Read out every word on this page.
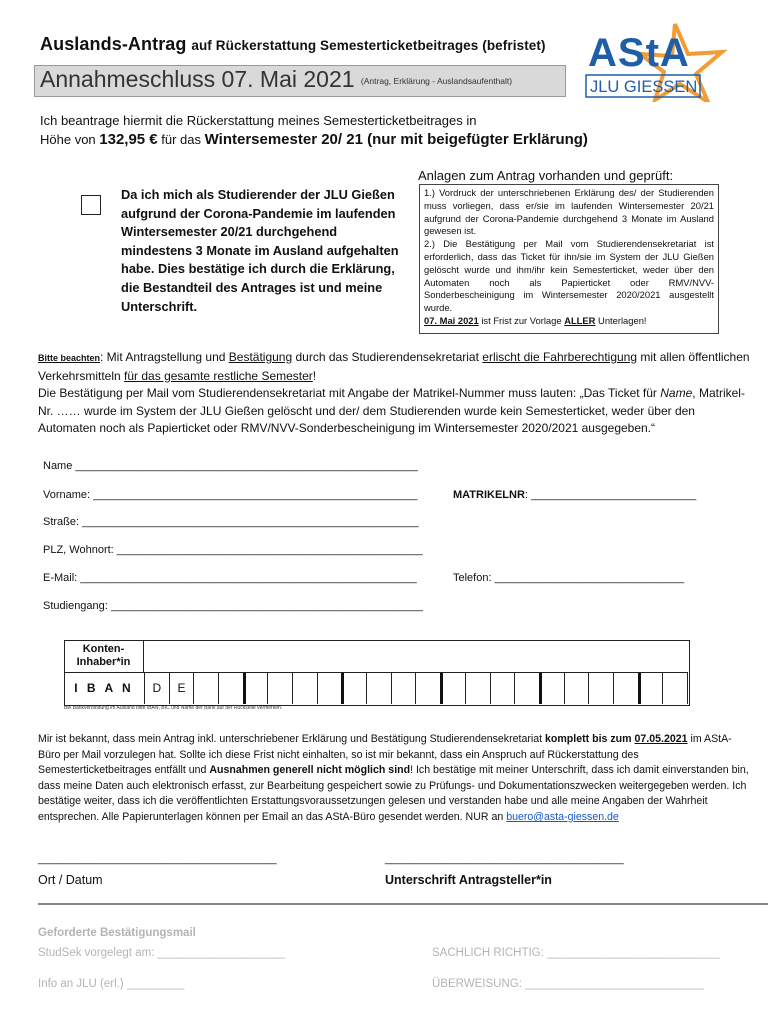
Auslands-Antrag auf Rückerstattung Semesterticketbeitrages (befristet)
Annahmeschluss 07. Mai 2021 (Antrag, Erklärung - Auslandsaufenthalt)
AStA
JLU GIESSEN
Ich beantrage hiermit die Rückerstattung meines Semesterticketbeitrages in
Höhe von 132,95 € für das Wintersemester 20/ 21 (nur mit beigefügter Erklärung)
Da ich mich als Studierender der JLU Gießen aufgrund der Corona-Pandemie im laufenden Wintersemester 20/21 durchgehend mindestens 3 Monate im Ausland aufgehalten habe. Dies bestätige ich durch die Erklärung, die Bestandteil des Antrages ist und meine Unterschrift.
Anlagen zum Antrag vorhanden und geprüft:
1.) Vordruck der unterschriebenen Erklärung des/ der Studierenden muss vorliegen, dass er/sie im laufenden Wintersemester 20/21 aufgrund der Corona-Pandemie durchgehend 3 Monate im Ausland gewesen ist.
2.) Die Bestätigung per Mail vom Studierendensekretariat ist erforderlich, dass das Ticket für ihn/sie im System der JLU Gießen gelöscht wurde und ihm/ihr kein Semesterticket, weder über den Automaten noch als Papierticket oder RMV/NVV-Sonderbescheinigung im Wintersemester 2020/2021 ausgestellt wurde.
07. Mai 2021 ist Frist zur Vorlage ALLER Unterlagen!
Bitte beachten: Mit Antragstellung und Bestätigung durch das Studierendensekretariat erlischt die Fahrberechtigung mit allen öffentlichen Verkehrsmitteln für das gesamte restliche Semester!
Die Bestätigung per Mail vom Studierendensekretariat mit Angabe der Matrikel-Nummer muss lauten: „Das Ticket für Name, Matrikel-Nr. …… wurde im System der JLU Gießen gelöscht und der/ dem Studierenden wurde kein Semesterticket, weder über den Automaten noch als Papierticket oder RMV/NVV-Sonderbescheinigung im Wintersemester 2020/2021 ausgegeben.“
Name ________________________________________________________
Vorname: _____________________________________________________	MATRIKELNR: ___________________________
Straße: _______________________________________________________
PLZ, Wohnort: __________________________________________________
E-Mail: _______________________________________________________	Telefon: _______________________________
Studiengang: ___________________________________________________
Konten-Inhaber*in
I B A N	D	E
Bei Bankverbindung im Ausland bitte IBAN, BIC und Name der Bank auf der Rückseite vermerken.
Mir ist bekannt, dass mein Antrag inkl. unterschriebener Erklärung und Bestätigung Studierendensekretariat komplett bis zum 07.05.2021 im AStA-Büro per Mail vorzulegen hat. Sollte ich diese Frist nicht einhalten, so ist mir bekannt, dass ein Anspruch auf Rückerstattung des Semesterticketbeitrages entfällt und Ausnahmen generell nicht möglich sind! Ich bestätige mit meiner Unterschrift, dass ich damit einverstanden bin, dass meine Daten auch elektronisch erfasst, zur Bearbeitung gespeichert sowie zu Prüfungs- und Dokumentationszwecken weitergegeben werden. Ich bestätige weiter, dass ich die veröffentlichten Erstattungsvoraussetzungen gelesen und verstanden habe und alle meine Angaben der Wahrheit entsprechen. Alle Papierunterlagen können per Email an das AStA-Büro gesendet werden. NUR an buero@asta-giessen.de
_______________________________________	_______________________________________
Ort / Datum	Unterschrift Antragsteller*in
Geforderte Bestätigungsmail
StudSek vorgelegt am: ____________________	SACHLICH RICHTIG: ___________________________
Info an JLU (erl.) _________	ÜBERWEISUNG: ____________________________
